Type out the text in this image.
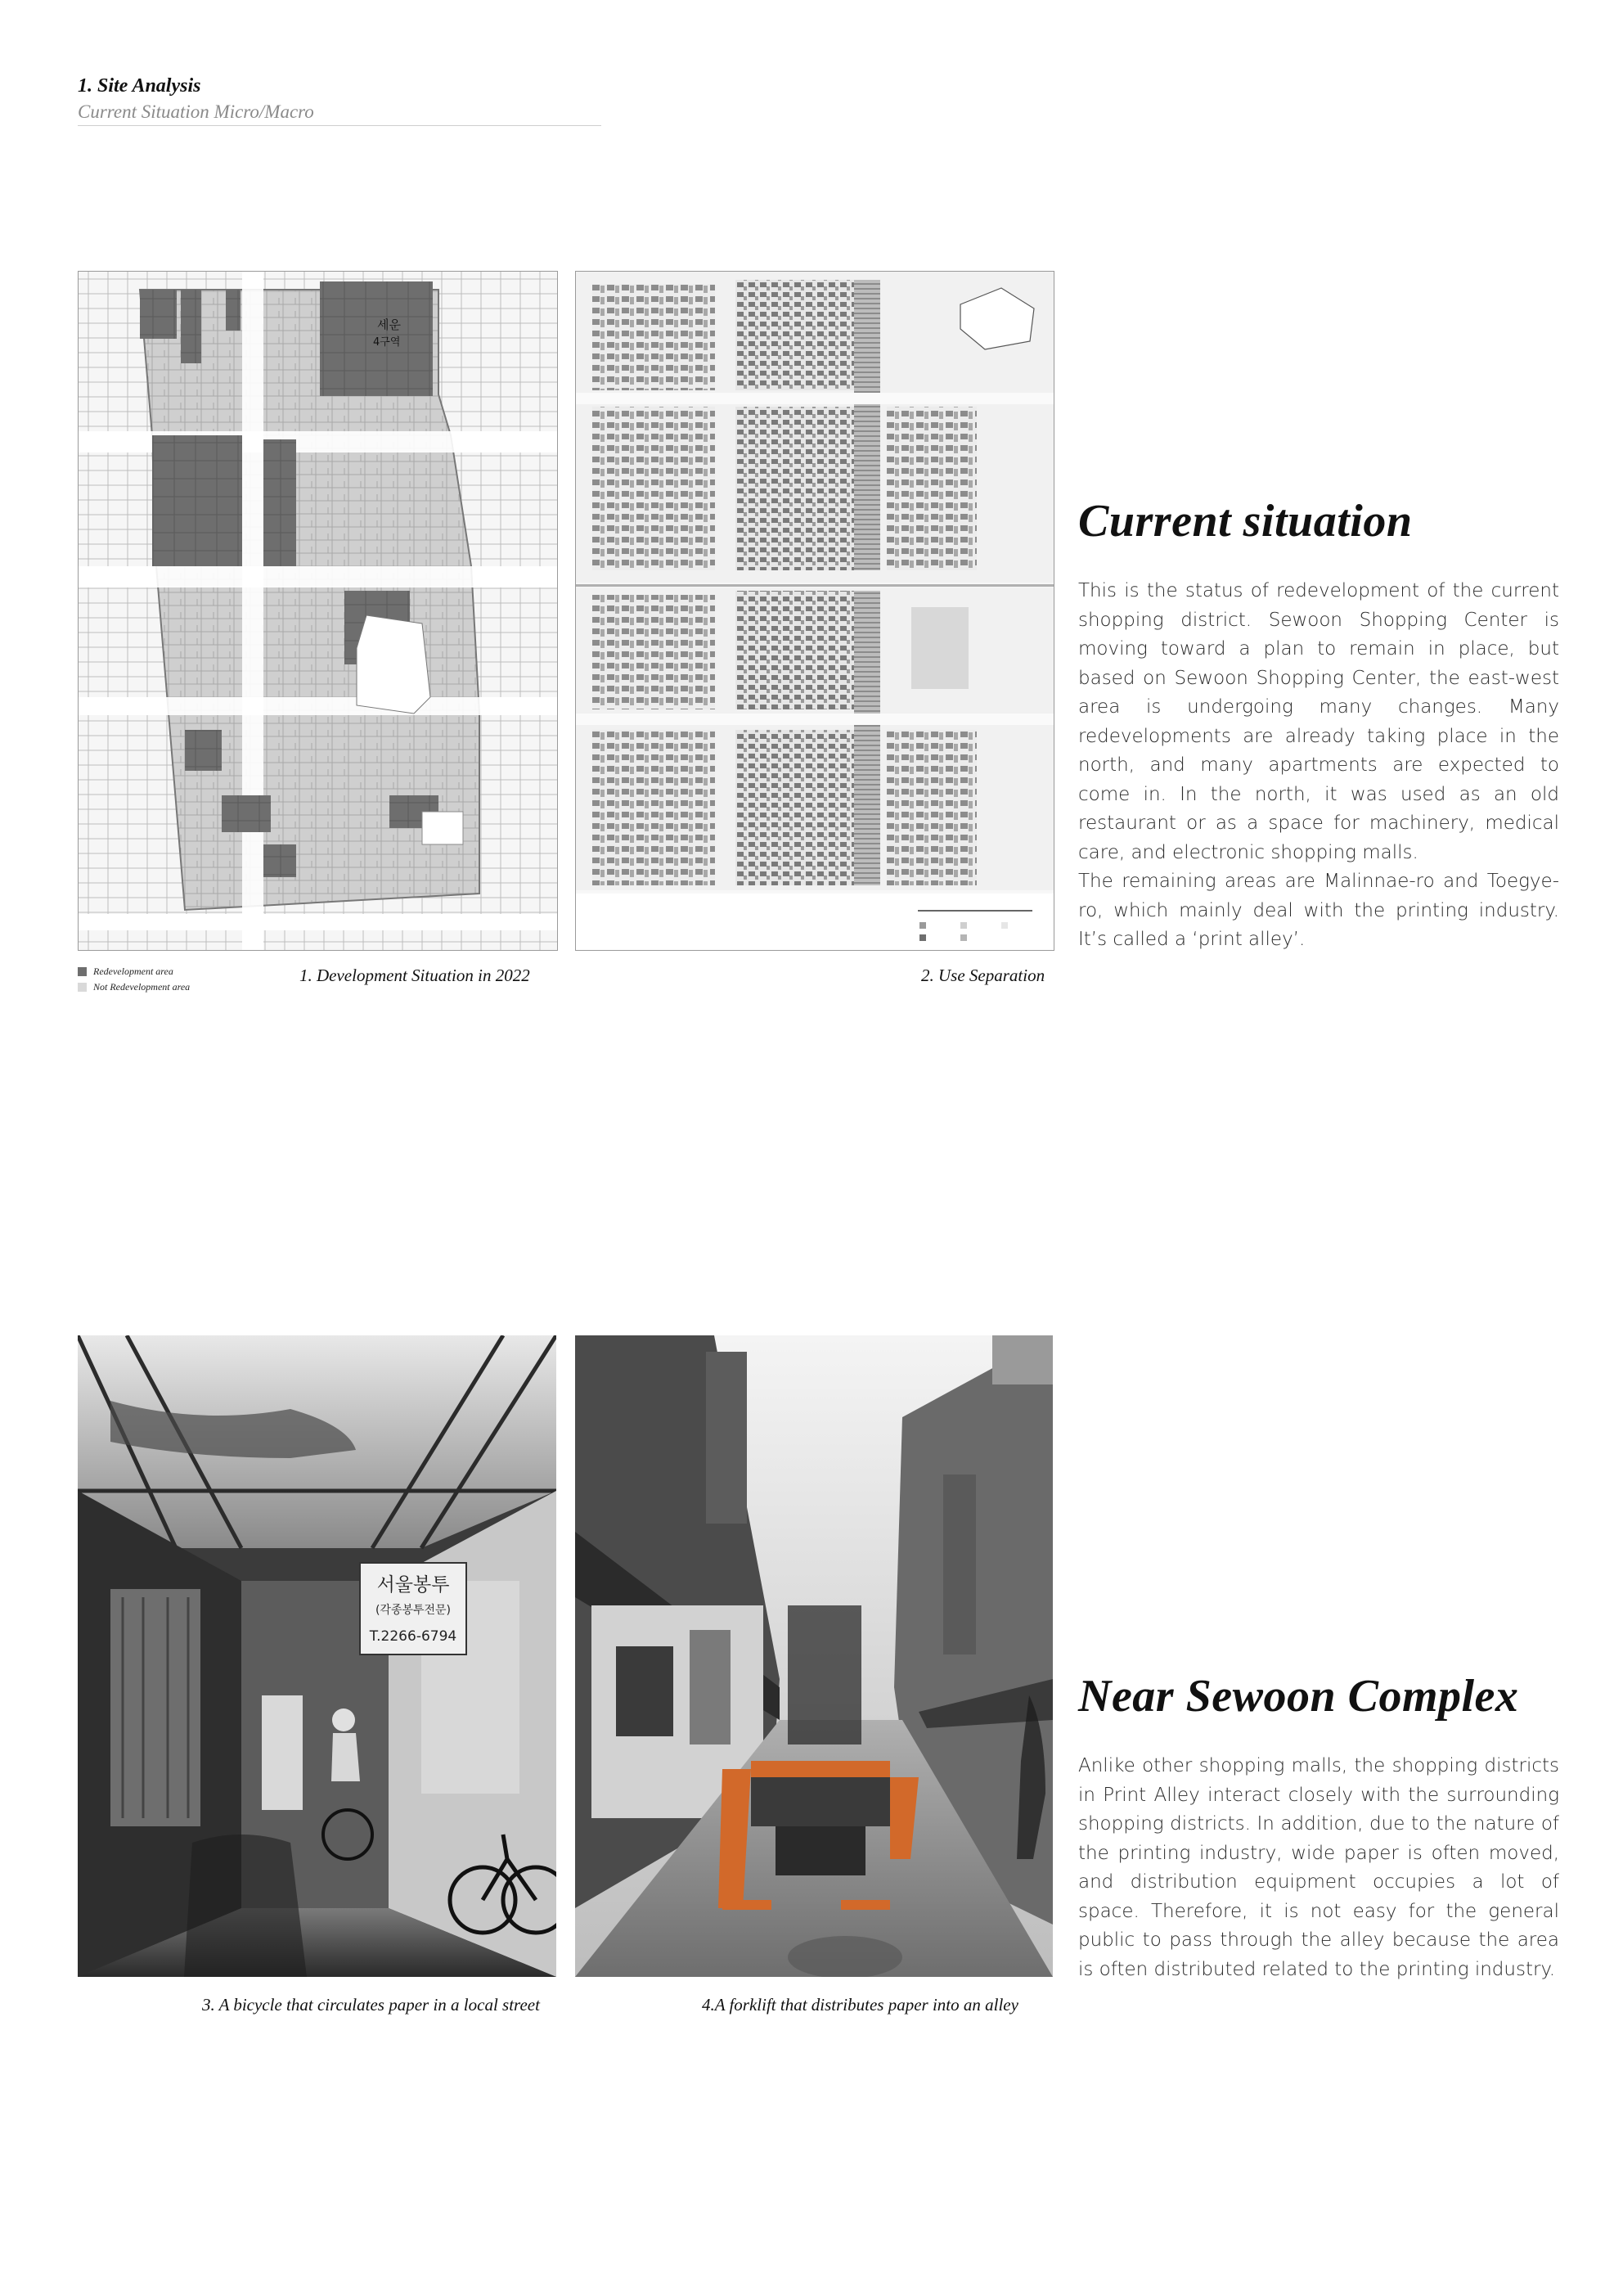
1. Site Analysis
Current Situation Micro/Macro
세운
4구역
Redevelopment area
Not Redevelopment area
1. Development Situation in 2022	2. Use Separation
Current situation

This is the status of redevelopment of the current shopping district. Sewoon Shopping Center is moving toward a plan to remain in place, but based on Sewoon Shopping Center, the east-west area is undergoing many changes. Many redevelopments are already taking place in the north, and many apartments are expected to come in. In the north, it was used as an old restaurant or as a space for machinery, medical care, and electronic shopping malls.

The remaining areas are Malinnae-ro and Toegye-ro, which mainly deal with the printing industry. It’s called a ‘print alley’.

서울봉투
(각종봉투전문)
T.2266-6794
3. A bicycle that circulates paper in a local street	4.A forklift that distributes paper into an alley
Near Sewoon Complex

Anlike other shopping malls, the shopping districts in Print Alley interact closely with the surrounding shopping districts. In addition, due to the nature of the printing industry, wide paper is often moved, and distribution equipment occupies a lot of space. Therefore, it is not easy for the general public to pass through the alley because the area is often distributed related to the printing industry.
